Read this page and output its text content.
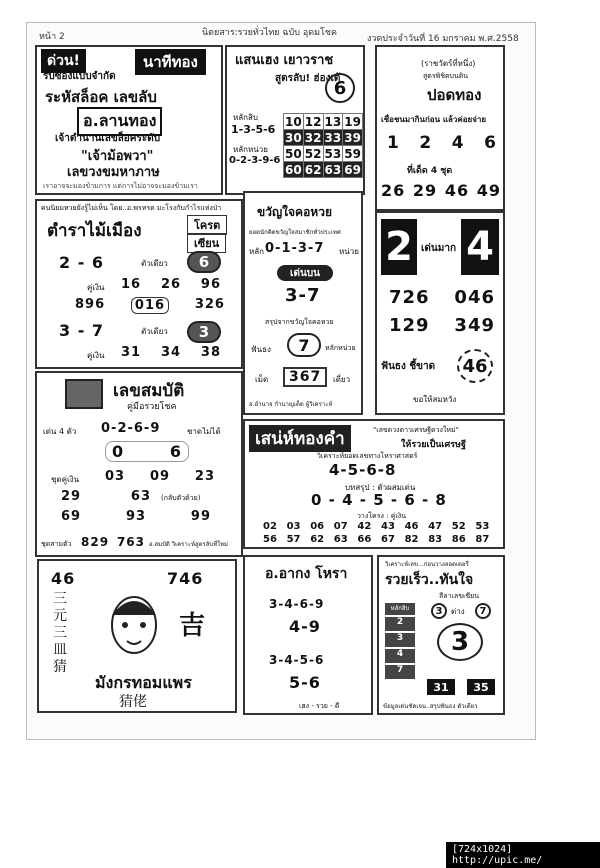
หน้า 2	นิตยสาร:รวยทั่วไทย ฉบับ อุดมโชค
งวดประจำวันที่ 16 มกราคม พ.ศ.2558
ด่วน!	นาทีทอง
รับซองแบบจำกัด
ระหัสล็อค เลขลับ
อ.ลานทอง
เจ้าตำนานเลขล็อคระดับ
"เจ้าม้อพวา"
เลขวงขมหาภาษ
เราอาจจะมองข้ามการ แต่การไม่อาจจะมองข้ามเรา
แสนเฮง เยาวราช
สูตรลับ! ฮ่องเต้
6
หลักสิบ
1-3-5-6
หลักหน่วย
0-2-3-9-6
10	12	13	19
30	32	33	39
50	52	53	59
60	62	63	69
(ราชวัตร์ที่หนึ่ง)
สูตรพิชิตบนดิน
ปอดทอง
เชื่อชนมากินก่อน แล้วค่อยจ่าย
1 2 4 6
ที่เด็ด 4 ชุด
26 29 46 49
คนนิยมหวยยังรู้ไม่เห็น โดย..อ.พรหรต มะโรงกับกำไรแห่งป่า
ตำราไม้เมือง	โครต
เซียน
2 - 6	ตัวเดียว	6
คู่เงิน 16 26 96
896	016	326
3 - 7	ตัวเดียว	3
คู่เงิน 31 34 38
ขวัญใจคอหวย
ยอดนักคิดขวัญใจสมาชิกทั่วประเทศ
หลัก 0-1-3-7 หน่วย
เด่นบน
3-7
สรุปจากขวัญใจคอหวย
ฟันธง	7	หลักหน่วย
เม็ด	367	เดี่ยว
อ.อำนาจ กำนาญเด็ด ผู้วิเคราะห์
2 เด่นมาก 4
726 046
129 349
ฟันธง ชี้ขาด	46
ขอให้สมหวัง
เลขสมบัติ
คู่มือรวยโชค
เด่น 4 ตัว 0-2-6-9	ชาดไม่ได้
0	6
ชุดคู่เงิน 03 09 23
29	63 (กลับตัวด้วย)
69	93	99
ชุดสามตัว 829 763 อ.สมบัติ วิเคราะห์สูตรลับที่ใหม่
เสน่ห์ทองคำ	"เลขดวงดาวเศรษฐีดวงใหม่"
ให้รวยเป็นเศรษฐี
วิเคราะห์ยอดเลขทางโหราศาสตร์
4-5-6-8
บทสรุป : ตัวผสมเด่น
0 - 4 - 5 - 6 - 8
วางโครง : คู่เงิน
02 03 06 07 42 43 46 47 52 53
56 57 62 63 66 67 82 83 86 87
46	746
三元三皿猜
吉
มังกรทอมแพร
猜佬
อ.อากง โหรา
3-4-6-9
4-9
3-4-5-6
5-6
เฮง - รวย - ดี
วิเคราะห์เลข...ก่อนวางลอตเตอรี่
รวยเร็ว..ทันใจ
ลีลาเลขเซียน
3	ต่าง	7
หลักสิบ
2
3
4
7
3
31	35
ข้อมูลเด่นชัดเจน..สรุปฟันธง ตัวเดียว
[724x1024] http://upic.me/
